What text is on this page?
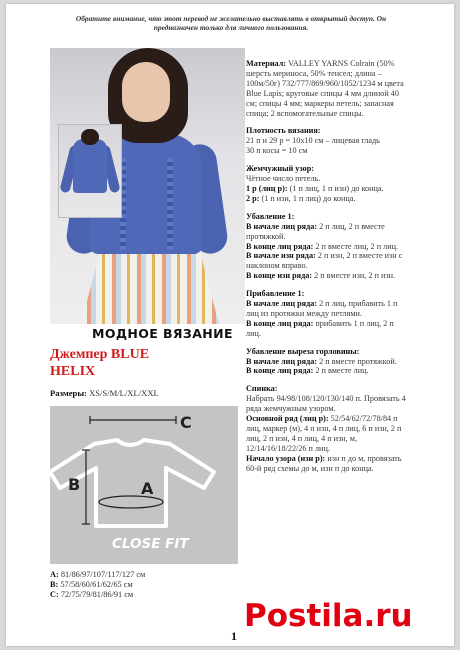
Обратите внимание, что этот перевод не желательно выставлять в открытый доступ. Он
предназначен только для личного пользования.
МОДНОЕ ВЯЗАНИЕ
Джемпер BLUE
HELIX
Размеры: XS/S/M/L/XL/XXL
C
B	A
CLOSE FIT
A: 81/86/97/107/117/127 см
B: 57/58/60/61/62/65 см
C: 72/75/79/81/86/91 см

Материал: VALLEY YARNS Colrain (50% шерсть мериноса, 50% тенсел; длина – 100м/50г) 732/777/869/960/1052/1234 м цвета Blue Lapis; круговые спицы 4 мм длиной 40 см; спицы 4 мм; маркеры петель; запасная спица; 2 вспомогательные спицы.

Плотность вязания:

21 п и 29 р = 10х10 см – лицевая гладь

30 п косы = 10 см

Жемчужный узор:

Чётное число петель.

1 р (лиц р): (1 п лиц, 1 п изн) до конца.

2 р: (1 п изн, 1 п лиц) до конца.

Убавление 1:

В начале лиц ряда: 2 п лиц, 2 п вместе протяжкой.

В конце лиц ряда: 2 п вместе лиц, 2 п лиц.

В начале изн ряда: 2 п изн, 2 п вместе изн с наклоном вправо.

В конце изн ряда: 2 п вместе изн, 2 п изн.

Прибавление 1:

В начале лиц ряда: 2 п лиц, прибавить 1 п лиц из протяжки между петлями.

В конце лиц ряда: прибавить 1 п лиц, 2 п лиц.

Убавление выреза горловины:

В начале лиц ряда: 2 п вместе протяжкой.

В конце лиц ряда: 2 п вместе лиц.

Спинка:

Набрать 94/98/108/120/130/140 п. Провязать 4 ряда жемчужным узором.

Основной ряд (лиц р): 52/54/62/72/78/84 п лиц, маркер (м), 4 п изн, 4 п лиц, 6 п изн, 2 п лиц, 2 п изн, 4 п лиц, 4 п изн, м, 12/14/16/18/22/26 п лиц.

Начало узора (изн р): изн п до м, провязать 60-й ряд схемы до м, изн п до конца.

1
Postila.ru
